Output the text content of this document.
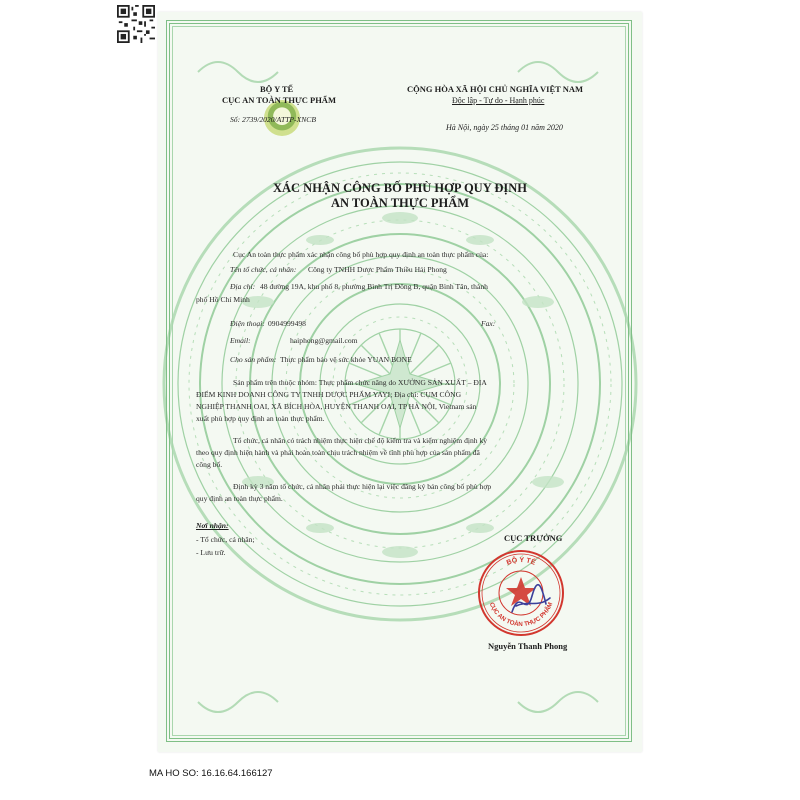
BỘ Y TẾ
CỤC AN TOÀN THỰC PHẨM
Số: 2739/2020/ATTP-XNCB
CỘNG HÒA XÃ HỘI CHỦ NGHĨA VIỆT NAM
Độc lập - Tự do - Hạnh phúc
Hà Nội, ngày 25 tháng 01 năm 2020
XÁC NHẬN CÔNG BỐ PHÙ HỢP QUY ĐỊNH
AN TOÀN THỰC PHẨM
Cục An toàn thực phẩm xác nhận công bố phù hợp quy định an toàn thực phẩm của:
Tên tổ chức, cá nhân: Công ty TNHH Dược Phẩm Thiều Hải Phong
Địa chỉ: 48 đường 19A, khu phố 8, phường Bình Trị Đông B, quận Bình Tân, thành
phố Hồ Chí Minh
Điện thoại: 0904999498	Fax:
Email:	haiphong@gmail.com
Cho sản phẩm: Thực phẩm bảo vệ sức khỏe YUAN BONE
Sản phẩm trên thuộc nhóm: Thực phẩm chức năng do XƯỞNG SẢN XUẤT – ĐỊA
ĐIỂM KINH DOANH CÔNG TY TNHH DƯỢC PHẨM YAYI; Địa chỉ: CỤM CÔNG
NGHIỆP THANH OAI, XÃ BÍCH HÒA, HUYỆN THANH OAI, TP HÀ NỘI, Vietnam sản
xuất phù hợp quy định an toàn thực phẩm.
Tổ chức, cá nhân có trách nhiệm thực hiện chế độ kiểm tra và kiểm nghiệm định kỳ
theo quy định hiện hành và phải hoàn toàn chịu trách nhiệm về tính phù hợp của sản phẩm đã
công bố.
Định kỳ 3 năm tổ chức, cá nhân phải thực hiện lại việc đăng ký bản công bố phù hợp
quy định an toàn thực phẩm.
Nơi nhận:
- Tổ chức, cá nhân;
- Lưu trữ.
CỤC TRƯỞNG
BỘ Y TẾ
CỤC AN TOÀN THỰC PHẨM
Nguyễn Thanh Phong
MA HO SO: 16.16.64.166127
